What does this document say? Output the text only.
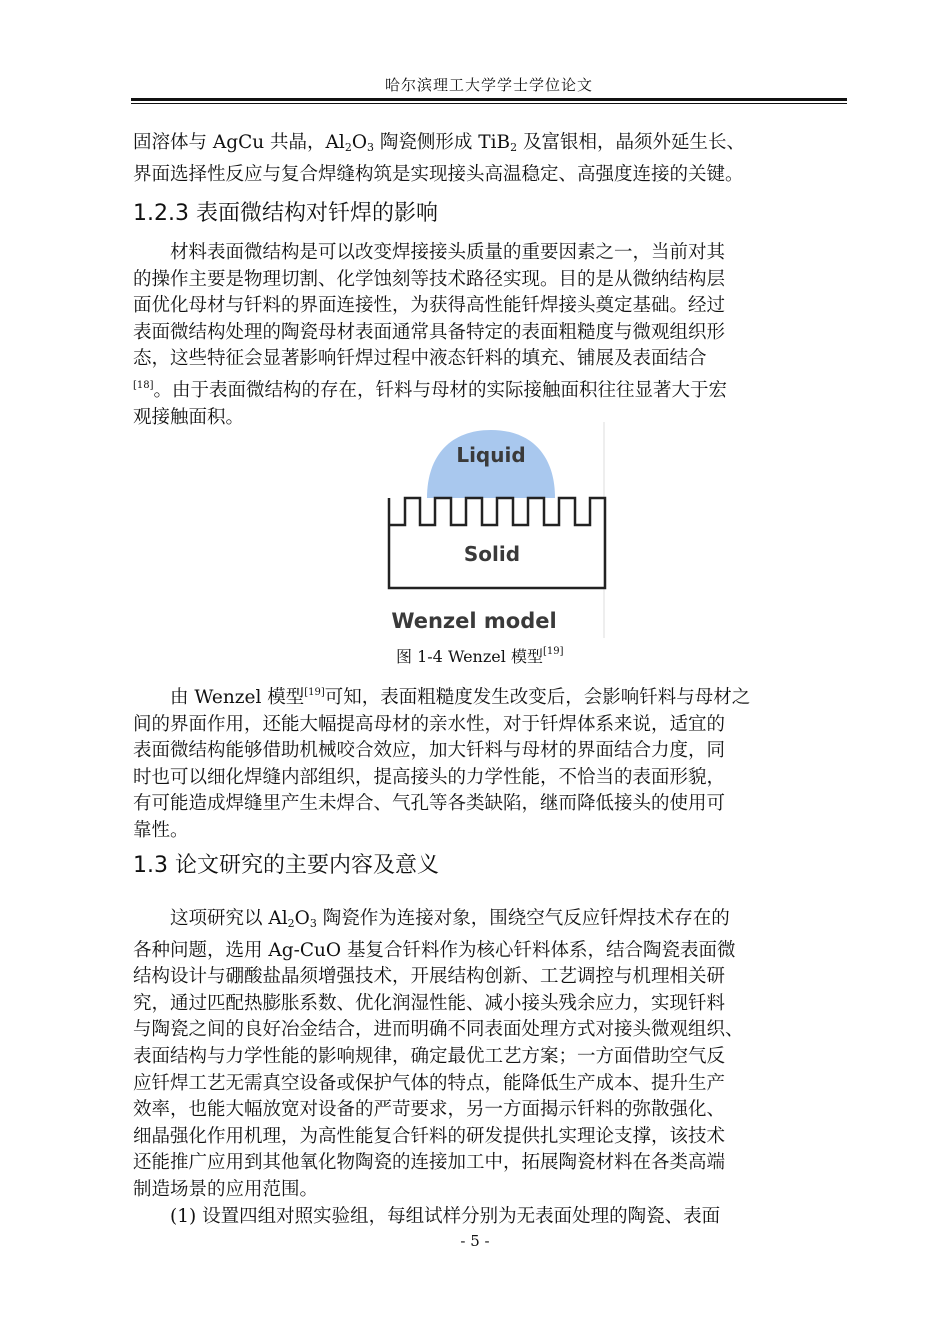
哈尔滨理工大学学士学位论文
固溶体与 AgCu 共晶，$Al_2O_3$ 陶瓷侧形成 TiB$_2$ 及富银相，晶须外延生长、
界面选择性反应与复合焊缝构筑是实现接头高温稳定、高强度连接的关键。
1.2.3 表面微结构对钎焊的影响
材料表面微结构是可以改变焊接接头质量的重要因素之一，当前对其
的操作主要是物理切割、化学蚀刻等技术路径实现。目的是从微纳结构层
面优化母材与钎料的界面连接性，为获得高性能钎焊接头奠定基础。经过
表面微结构处理的陶瓷母材表面通常具备特定的表面粗糙度与微观组织形
态，这些特征会显著影响钎焊过程中液态钎料的填充、铺展及表面结合
[18]。由于表面微结构的存在，钎料与母材的实际接触面积往往显著大于宏
观接触面积。
Liquid
Solid
Wenzel model
图 1-4 Wenzel 模型[19]
由 Wenzel 模型[19]可知，表面粗糙度发生改变后，会影响钎料与母材之
间的界面作用，还能大幅提高母材的亲水性，对于钎焊体系来说，适宜的
表面微结构能够借助机械咬合效应，加大钎料与母材的界面结合力度，同
时也可以细化焊缝内部组织，提高接头的力学性能，不恰当的表面形貌，
有可能造成焊缝里产生未焊合、气孔等各类缺陷，继而降低接头的使用可
靠性。
1.3 论文研究的主要内容及意义
这项研究以 $Al_2O_3$ 陶瓷作为连接对象，围绕空气反应钎焊技术存在的
各种问题，选用 Ag-CuO 基复合钎料作为核心钎料体系，结合陶瓷表面微
结构设计与硼酸盐晶须增强技术，开展结构创新、工艺调控与机理相关研
究，通过匹配热膨胀系数、优化润湿性能、减小接头残余应力，实现钎料
与陶瓷之间的良好冶金结合，进而明确不同表面处理方式对接头微观组织、
表面结构与力学性能的影响规律，确定最优工艺方案；一方面借助空气反
应钎焊工艺无需真空设备或保护气体的特点，能降低生产成本、提升生产
效率，也能大幅放宽对设备的严苛要求，另一方面揭示钎料的弥散强化、
细晶强化作用机理，为高性能复合钎料的研发提供扎实理论支撑，该技术
还能推广应用到其他氧化物陶瓷的连接加工中，拓展陶瓷材料在各类高端
制造场景的应用范围。
(1) 设置四组对照实验组，每组试样分别为无表面处理的陶瓷、表面
- 5 -
